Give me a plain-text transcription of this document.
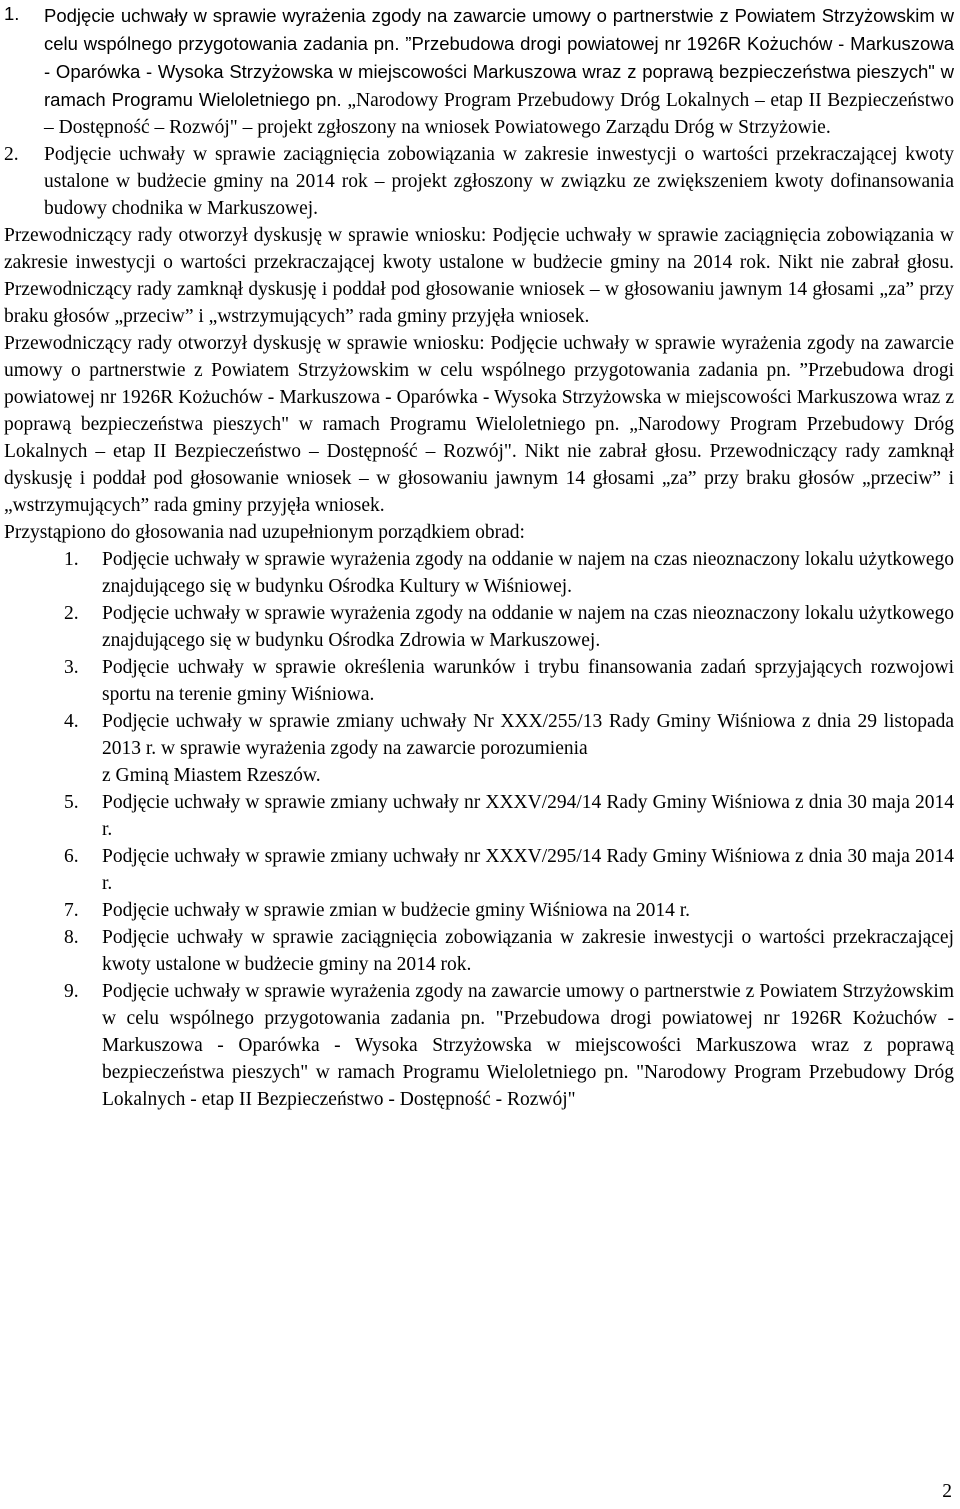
1. Podjęcie uchwały w sprawie wyrażenia zgody na zawarcie umowy o partnerstwie z Powiatem Strzyżowskim w celu wspólnego przygotowania zadania pn. ”Przebudowa drogi powiatowej nr 1926R Kożuchów - Markuszowa - Oparówka - Wysoka Strzyżowska w miejscowości Markuszowa wraz z poprawą bezpieczeństwa pieszych" w ramach Programu Wieloletniego pn. „Narodowy Program Przebudowy Dróg Lokalnych – etap II Bezpieczeństwo – Dostępność – Rozwój" – projekt zgłoszony na wniosek Powiatowego Zarządu Dróg w Strzyżowie.
2. Podjęcie uchwały w sprawie zaciągnięcia zobowiązania w zakresie inwestycji o wartości przekraczającej kwoty ustalone w budżecie gminy na 2014 rok – projekt zgłoszony w związku ze zwiększeniem kwoty dofinansowania budowy chodnika w Markuszowej.

Przewodniczący rady otworzył dyskusję w sprawie wniosku: Podjęcie uchwały w sprawie zaciągnięcia zobowiązania w zakresie inwestycji o wartości przekraczającej kwoty ustalone w budżecie gminy na 2014 rok. Nikt nie zabrał głosu. Przewodniczący rady zamknął dyskusję i poddał pod głosowanie wniosek – w głosowaniu jawnym 14 głosami „za” przy braku głosów „przeciw” i „wstrzymujących” rada gminy przyjęła wniosek.

Przewodniczący rady otworzył dyskusję w sprawie wniosku: Podjęcie uchwały w sprawie wyrażenia zgody na zawarcie umowy o partnerstwie z Powiatem Strzyżowskim w celu wspólnego przygotowania zadania pn. ”Przebudowa drogi powiatowej nr 1926R Kożuchów - Markuszowa - Oparówka - Wysoka Strzyżowska w miejscowości Markuszowa wraz z poprawą bezpieczeństwa pieszych" w ramach Programu Wieloletniego pn. „Narodowy Program Przebudowy Dróg Lokalnych – etap II Bezpieczeństwo – Dostępność – Rozwój". Nikt nie zabrał głosu. Przewodniczący rady zamknął dyskusję i poddał pod głosowanie wniosek – w głosowaniu jawnym 14 głosami „za” przy braku głosów „przeciw” i „wstrzymujących” rada gminy przyjęła wniosek.

Przystąpiono do głosowania nad uzupełnionym porządkiem obrad:

1. Podjęcie uchwały w sprawie wyrażenia zgody na oddanie w najem na czas nieoznaczony lokalu użytkowego znajdującego się w budynku Ośrodka Kultury w Wiśniowej.
2. Podjęcie uchwały w sprawie wyrażenia zgody na oddanie w najem na czas nieoznaczony lokalu użytkowego znajdującego się w budynku Ośrodka Zdrowia w Markuszowej.
3. Podjęcie uchwały w sprawie określenia warunków i trybu finansowania zadań sprzyjających rozwojowi sportu na terenie gminy Wiśniowa.
4. Podjęcie uchwały w sprawie zmiany uchwały Nr XXX/255/13 Rady Gminy Wiśniowa z dnia 29 listopada 2013 r. w sprawie wyrażenia zgody na zawarcie porozumienia
z Gminą Miastem Rzeszów.
5. Podjęcie uchwały w sprawie zmiany uchwały nr XXXV/294/14 Rady Gminy Wiśniowa z dnia 30 maja 2014 r.
6. Podjęcie uchwały w sprawie zmiany uchwały nr XXXV/295/14 Rady Gminy Wiśniowa z dnia 30 maja 2014 r.
7. Podjęcie uchwały w sprawie zmian w budżecie gminy Wiśniowa na 2014 r.
8. Podjęcie uchwały w sprawie zaciągnięcia zobowiązania w zakresie inwestycji o wartości przekraczającej kwoty ustalone w budżecie gminy na 2014 rok.
9. Podjęcie uchwały w sprawie wyrażenia zgody na zawarcie umowy o partnerstwie z Powiatem Strzyżowskim w celu wspólnego przygotowania zadania pn. "Przebudowa drogi powiatowej nr 1926R Kożuchów - Markuszowa - Oparówka - Wysoka Strzyżowska w miejscowości Markuszowa wraz z poprawą bezpieczeństwa pieszych" w ramach Programu Wieloletniego pn. "Narodowy Program Przebudowy Dróg Lokalnych - etap II Bezpieczeństwo - Dostępność - Rozwój"
2
